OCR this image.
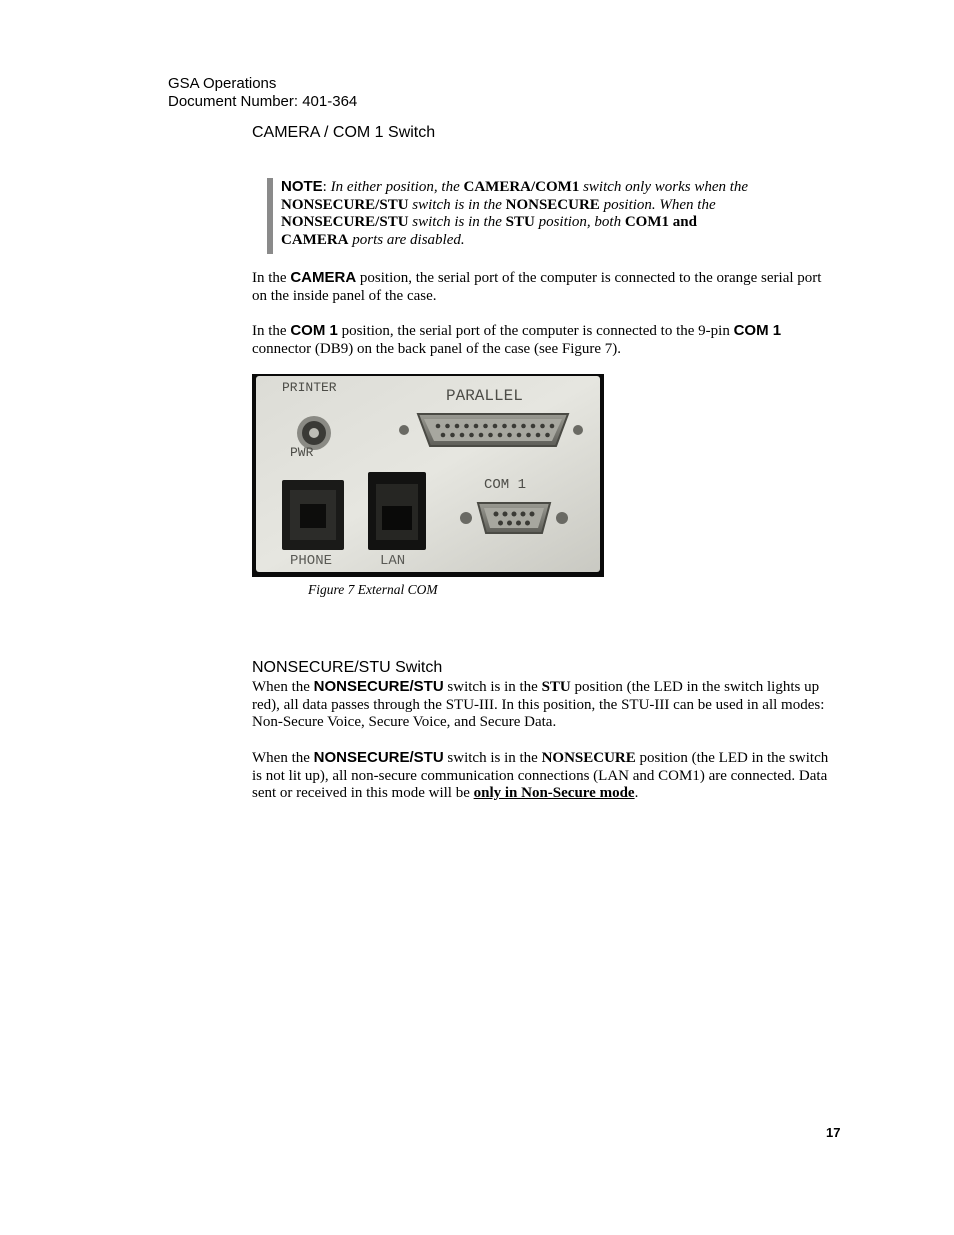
GSA Operations
Document Number: 401-364
CAMERA / COM 1 Switch
NOTE: In either position, the CAMERA/COM1 switch only works when the
NONSECURE/STU switch is in the NONSECURE position. When the
NONSECURE/STU switch is in the STU position, both COM1 and
CAMERA ports are disabled.
In the CAMERA position, the serial port of the computer is connected to the orange serial port on the inside panel of the case.
In the COM 1 position, the serial port of the computer is connected to the 9-pin COM 1 connector (DB9) on the back panel of the case (see Figure 7).
PRINTER
PWR
PARALLEL
COM 1
PHONE	LAN
Figure 7 External COM
NONSECURE/STU Switch
When the NONSECURE/STU switch is in the STU position (the LED in the switch lights up red), all data passes through the STU-III. In this position, the STU-III can be used in all modes: Non-Secure Voice, Secure Voice, and Secure Data.
When the NONSECURE/STU switch is in the NONSECURE position (the LED in the switch is not lit up), all non-secure communication connections (LAN and COM1) are connected. Data sent or received in this mode will be only in Non-Secure mode.
17
